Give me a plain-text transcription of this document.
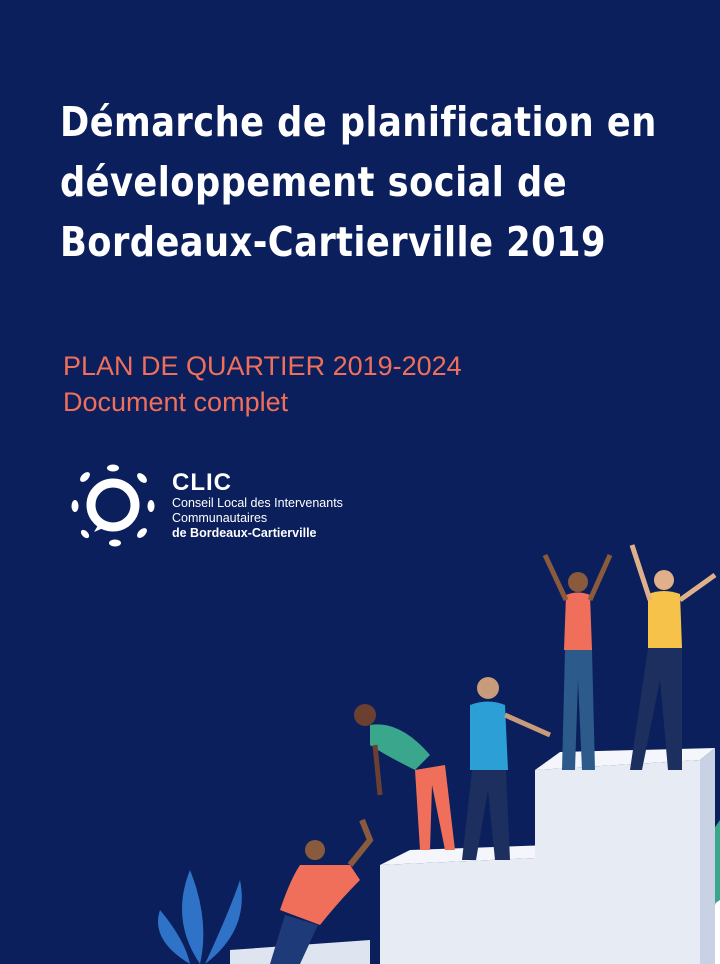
Démarche de planification en
développement social de
Bordeaux-Cartierville 2019
PLAN DE QUARTIER 2019-2024
Document complet
CLIC
Conseil Local des Intervenants
Communautaires
de Bordeaux-Cartierville
